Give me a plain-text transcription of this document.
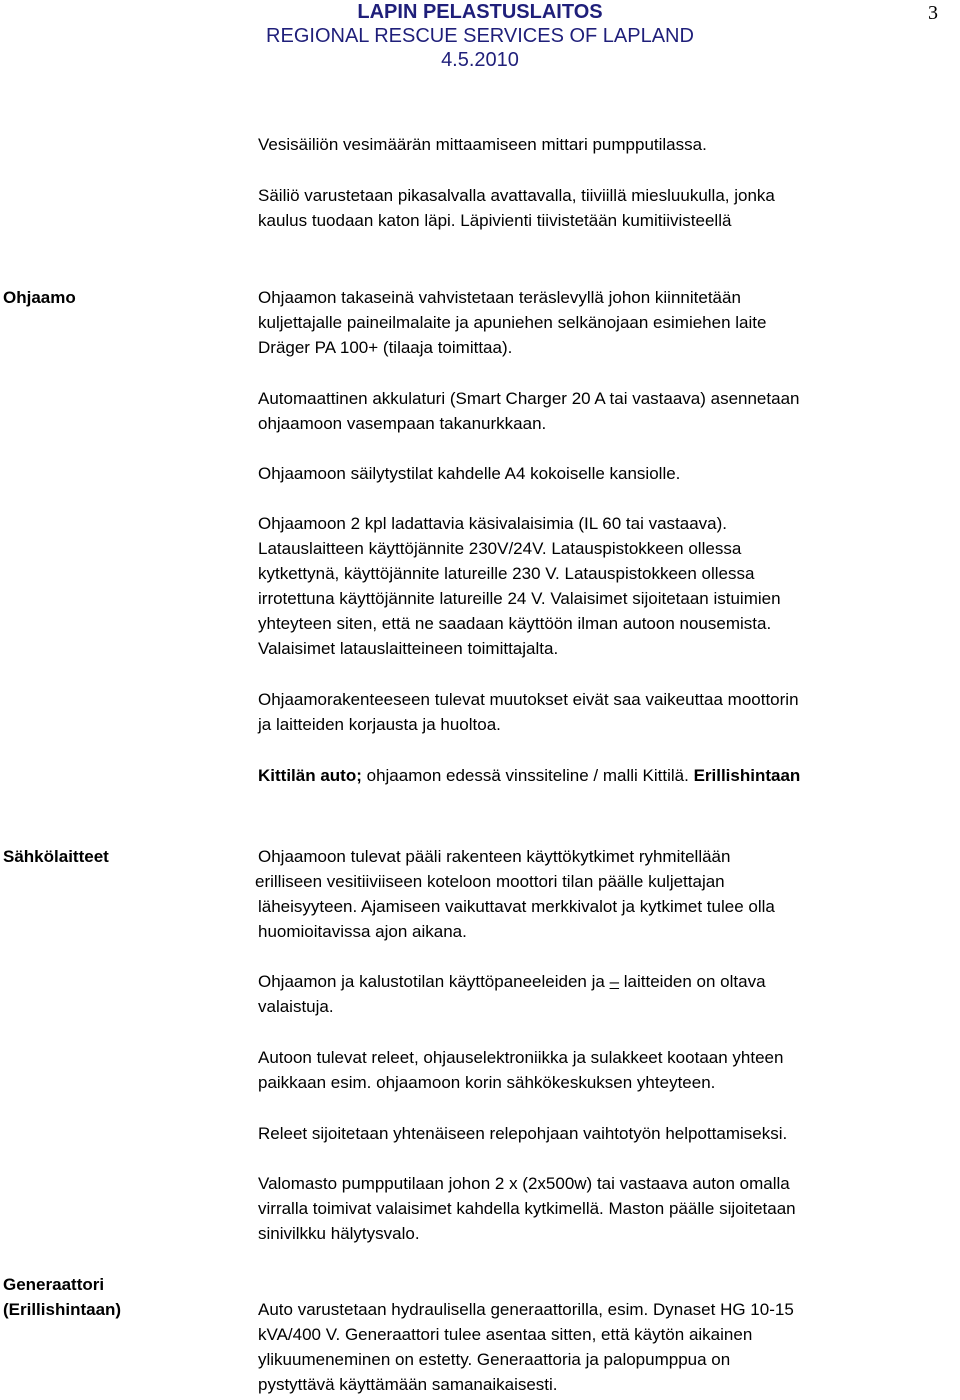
LAPIN PELASTUSLAITOS
REGIONAL RESCUE SERVICES OF LAPLAND
4.5.2010
3
Vesisäiliön vesimäärän mittaamiseen mittari pumpputilassa.
Säiliö varustetaan pikasalvalla avattavalla, tiiviillä miesluukulla, jonka
kaulus tuodaan katon läpi. Läpivienti tiivistetään kumitiivisteellä
Ohjaamo	Ohjaamon takaseinä vahvistetaan teräslevyllä johon kiinnitetään
kuljettajalle paineilmalaite ja apuniehen selkänojaan esimiehen laite
Dräger PA 100+ (tilaaja toimittaa).
Automaattinen akkulaturi (Smart Charger 20 A tai vastaava) asennetaan
ohjaamoon vasempaan takanurkkaan.
Ohjaamoon säilytystilat kahdelle A4 kokoiselle kansiolle.
Ohjaamoon 2 kpl ladattavia käsivalaisimia (IL 60 tai vastaava).
Latauslaitteen käyttöjännite 230V/24V. Latauspistokkeen ollessa
kytkettynä, käyttöjännite latureille 230 V. Latauspistokkeen ollessa
irrotettuna käyttöjännite latureille 24 V. Valaisimet sijoitetaan istuimien
yhteyteen siten, että ne saadaan käyttöön ilman autoon nousemista.
Valaisimet latauslaitteineen toimittajalta.
Ohjaamorakenteeseen tulevat muutokset eivät saa vaikeuttaa moottorin
ja laitteiden korjausta ja huoltoa.
Kittilän auto; ohjaamon edessä vinssiteline / malli Kittilä. Erillishintaan
Sähkölaitteet	Ohjaamoon tulevat pääli rakenteen käyttökytkimet ryhmitellään
erilliseen vesitiiviiseen koteloon moottori tilan päälle kuljettajan
läheisyyteen. Ajamiseen vaikuttavat merkkivalot ja kytkimet tulee olla
huomioitavissa ajon aikana.
Ohjaamon ja kalustotilan käyttöpaneeleiden ja – laitteiden on oltava
valaistuja.
Autoon tulevat releet, ohjauselektroniikka ja sulakkeet kootaan yhteen
paikkaan esim. ohjaamoon korin sähkökeskuksen yhteyteen.
Releet sijoitetaan yhtenäiseen relepohjaan vaihtotyön helpottamiseksi.
Valomasto pumpputilaan johon 2 x (2x500w) tai vastaava auton omalla
virralla toimivat valaisimet kahdella kytkimellä. Maston päälle sijoitetaan
sinivilkku hälytysvalo.
Generaattori
(Erillishintaan)	Auto varustetaan hydraulisella generaattorilla, esim. Dynaset HG 10-15
kVA/400 V. Generaattori tulee asentaa sitten, että käytön aikainen
ylikuumeneminen on estetty. Generaattoria ja palopumppua on
pystyttävä käyttämään samanaikaisesti.
